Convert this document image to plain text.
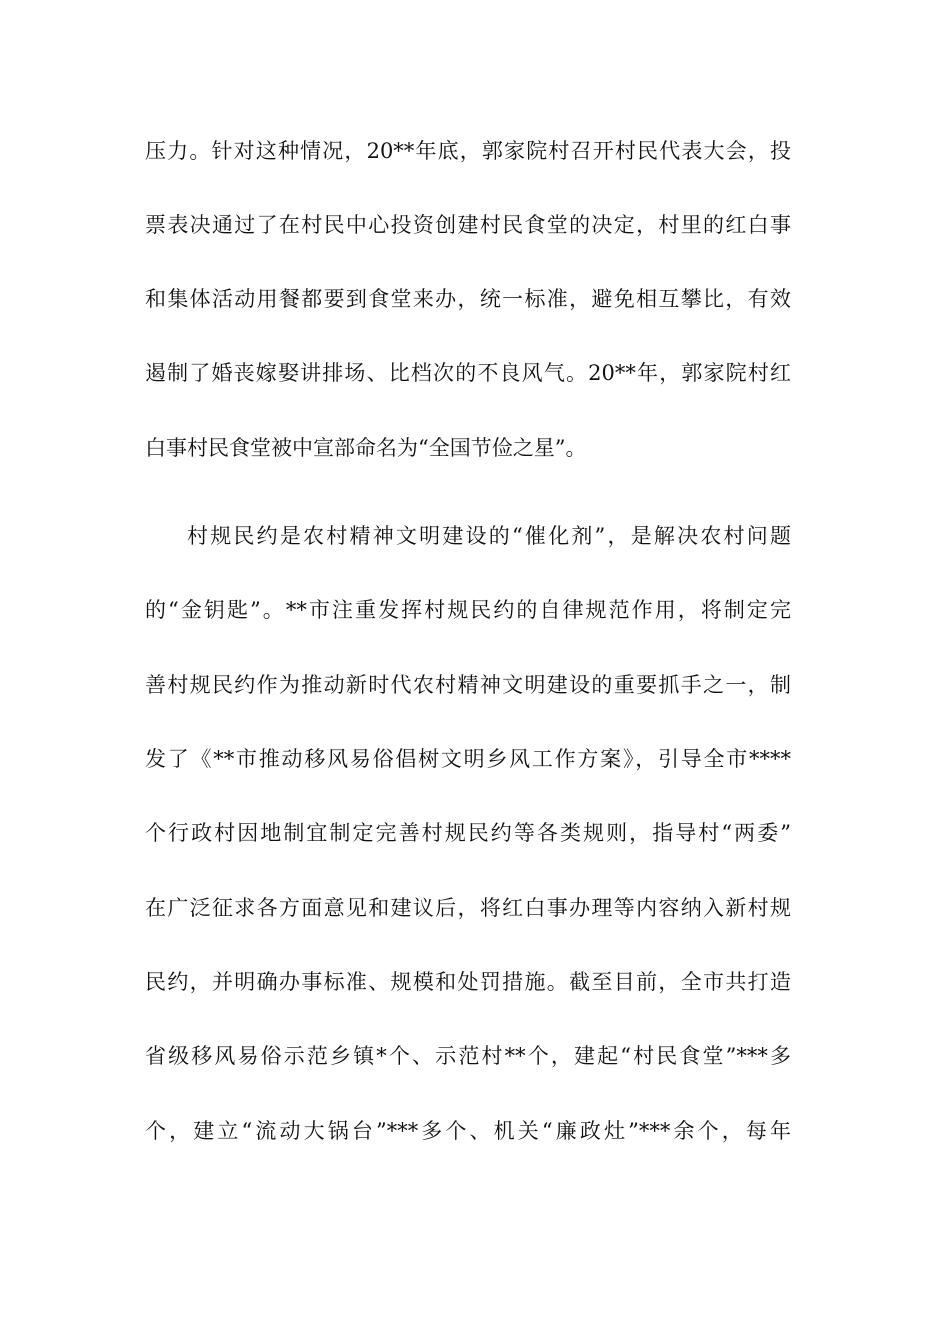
压力。针对这种情况，20**年底，郭家院村召开村民代表大会，投
票表决通过了在村民中心投资创建村民食堂的决定，村里的红白事
和集体活动用餐都要到食堂来办，统一标准，避免相互攀比，有效
遏制了婚丧嫁娶讲排场、比档次的不良风气。20**年，郭家院村红
白事村民食堂被中宣部命名为“全国节俭之星”。
村规民约是农村精神文明建设的“催化剂”，是解决农村问题
的“金钥匙”。**市注重发挥村规民约的自律规范作用，将制定完
善村规民约作为推动新时代农村精神文明建设的重要抓手之一，制
发了《**市推动移风易俗倡树文明乡风工作方案》，引导全市****
个行政村因地制宜制定完善村规民约等各类规则，指导村“两委”
在广泛征求各方面意见和建议后，将红白事办理等内容纳入新村规
民约，并明确办事标准、规模和处罚措施。截至目前，全市共打造
省级移风易俗示范乡镇*个、示范村**个，建起“村民食堂”***多
个，建立“流动大锅台”***多个、机关“廉政灶”***余个，每年
